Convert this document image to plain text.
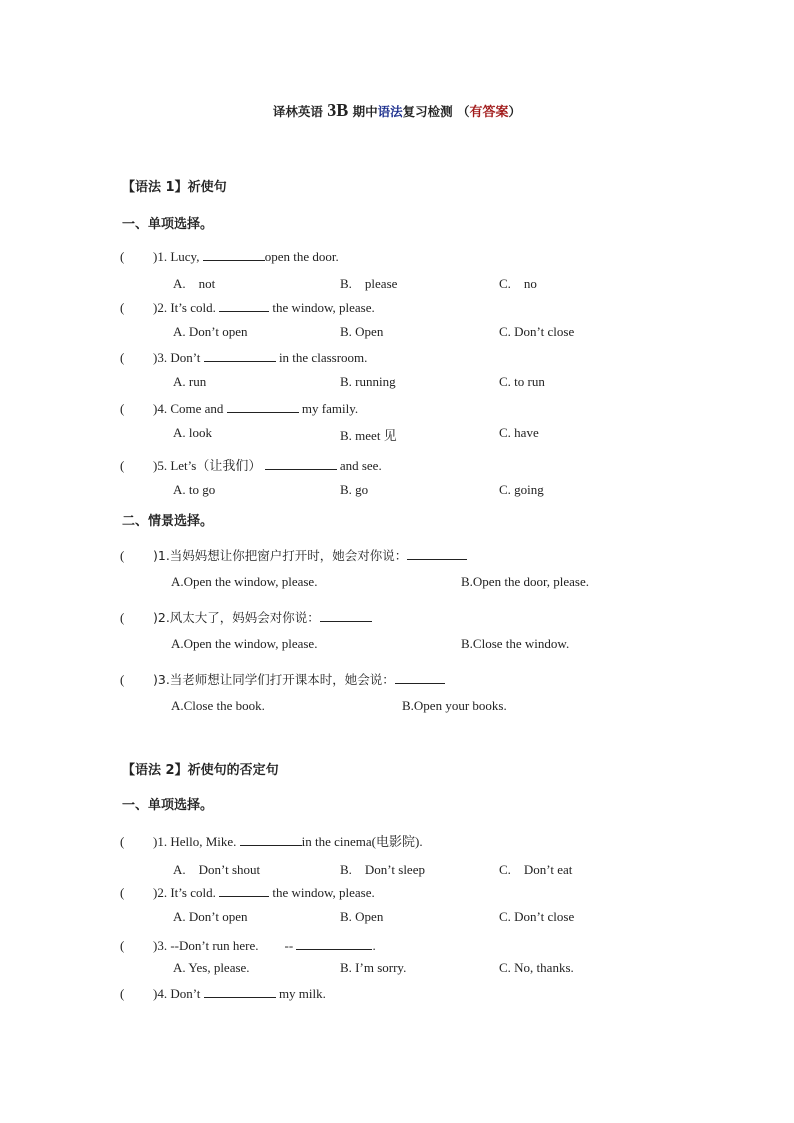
译林英语 3B 期中语法复习检测 （有答案）
【语法 1】祈使句
一、单项选择。
( )1. Lucy,	open the door.
A.　not	B.　please	C.　no
( )2. It’s cold.	the window, please.
A. Don’t open	B. Open	C. Don’t close
( )3. Don’t	in the classroom.
A. run	B. running	C. to run
( )4. Come and	my family.
A. look	B. meet 见	C. have
( )5. Let’s（让我们）	and see.
A. to go	B. go	C. going
二、情景选择。
( )1.当妈妈想让你把窗户打开时，她会对你说：
A.Open the window, please.	B.Open the door, please.
( )2.风太大了，妈妈会对你说：
A.Open the window, please.	B.Close the window.
( )3.当老师想让同学们打开课本时，她会说：
A.Close the book.	B.Open your books.
【语法 2】祈使句的否定句
一、单项选择。
( )1. Hello, Mike.	in the cinema(电影院).
A.　Don’t shout	B.　Don’t sleep	C.　Don’t eat
( )2. It’s cold.	the window, please.
A. Don’t open	B. Open	C. Don’t close
( )3. --Don’t run here.　　--	.
A. Yes, please.	B. I’m sorry.	C. No, thanks.
( )4. Don’t	my milk.
